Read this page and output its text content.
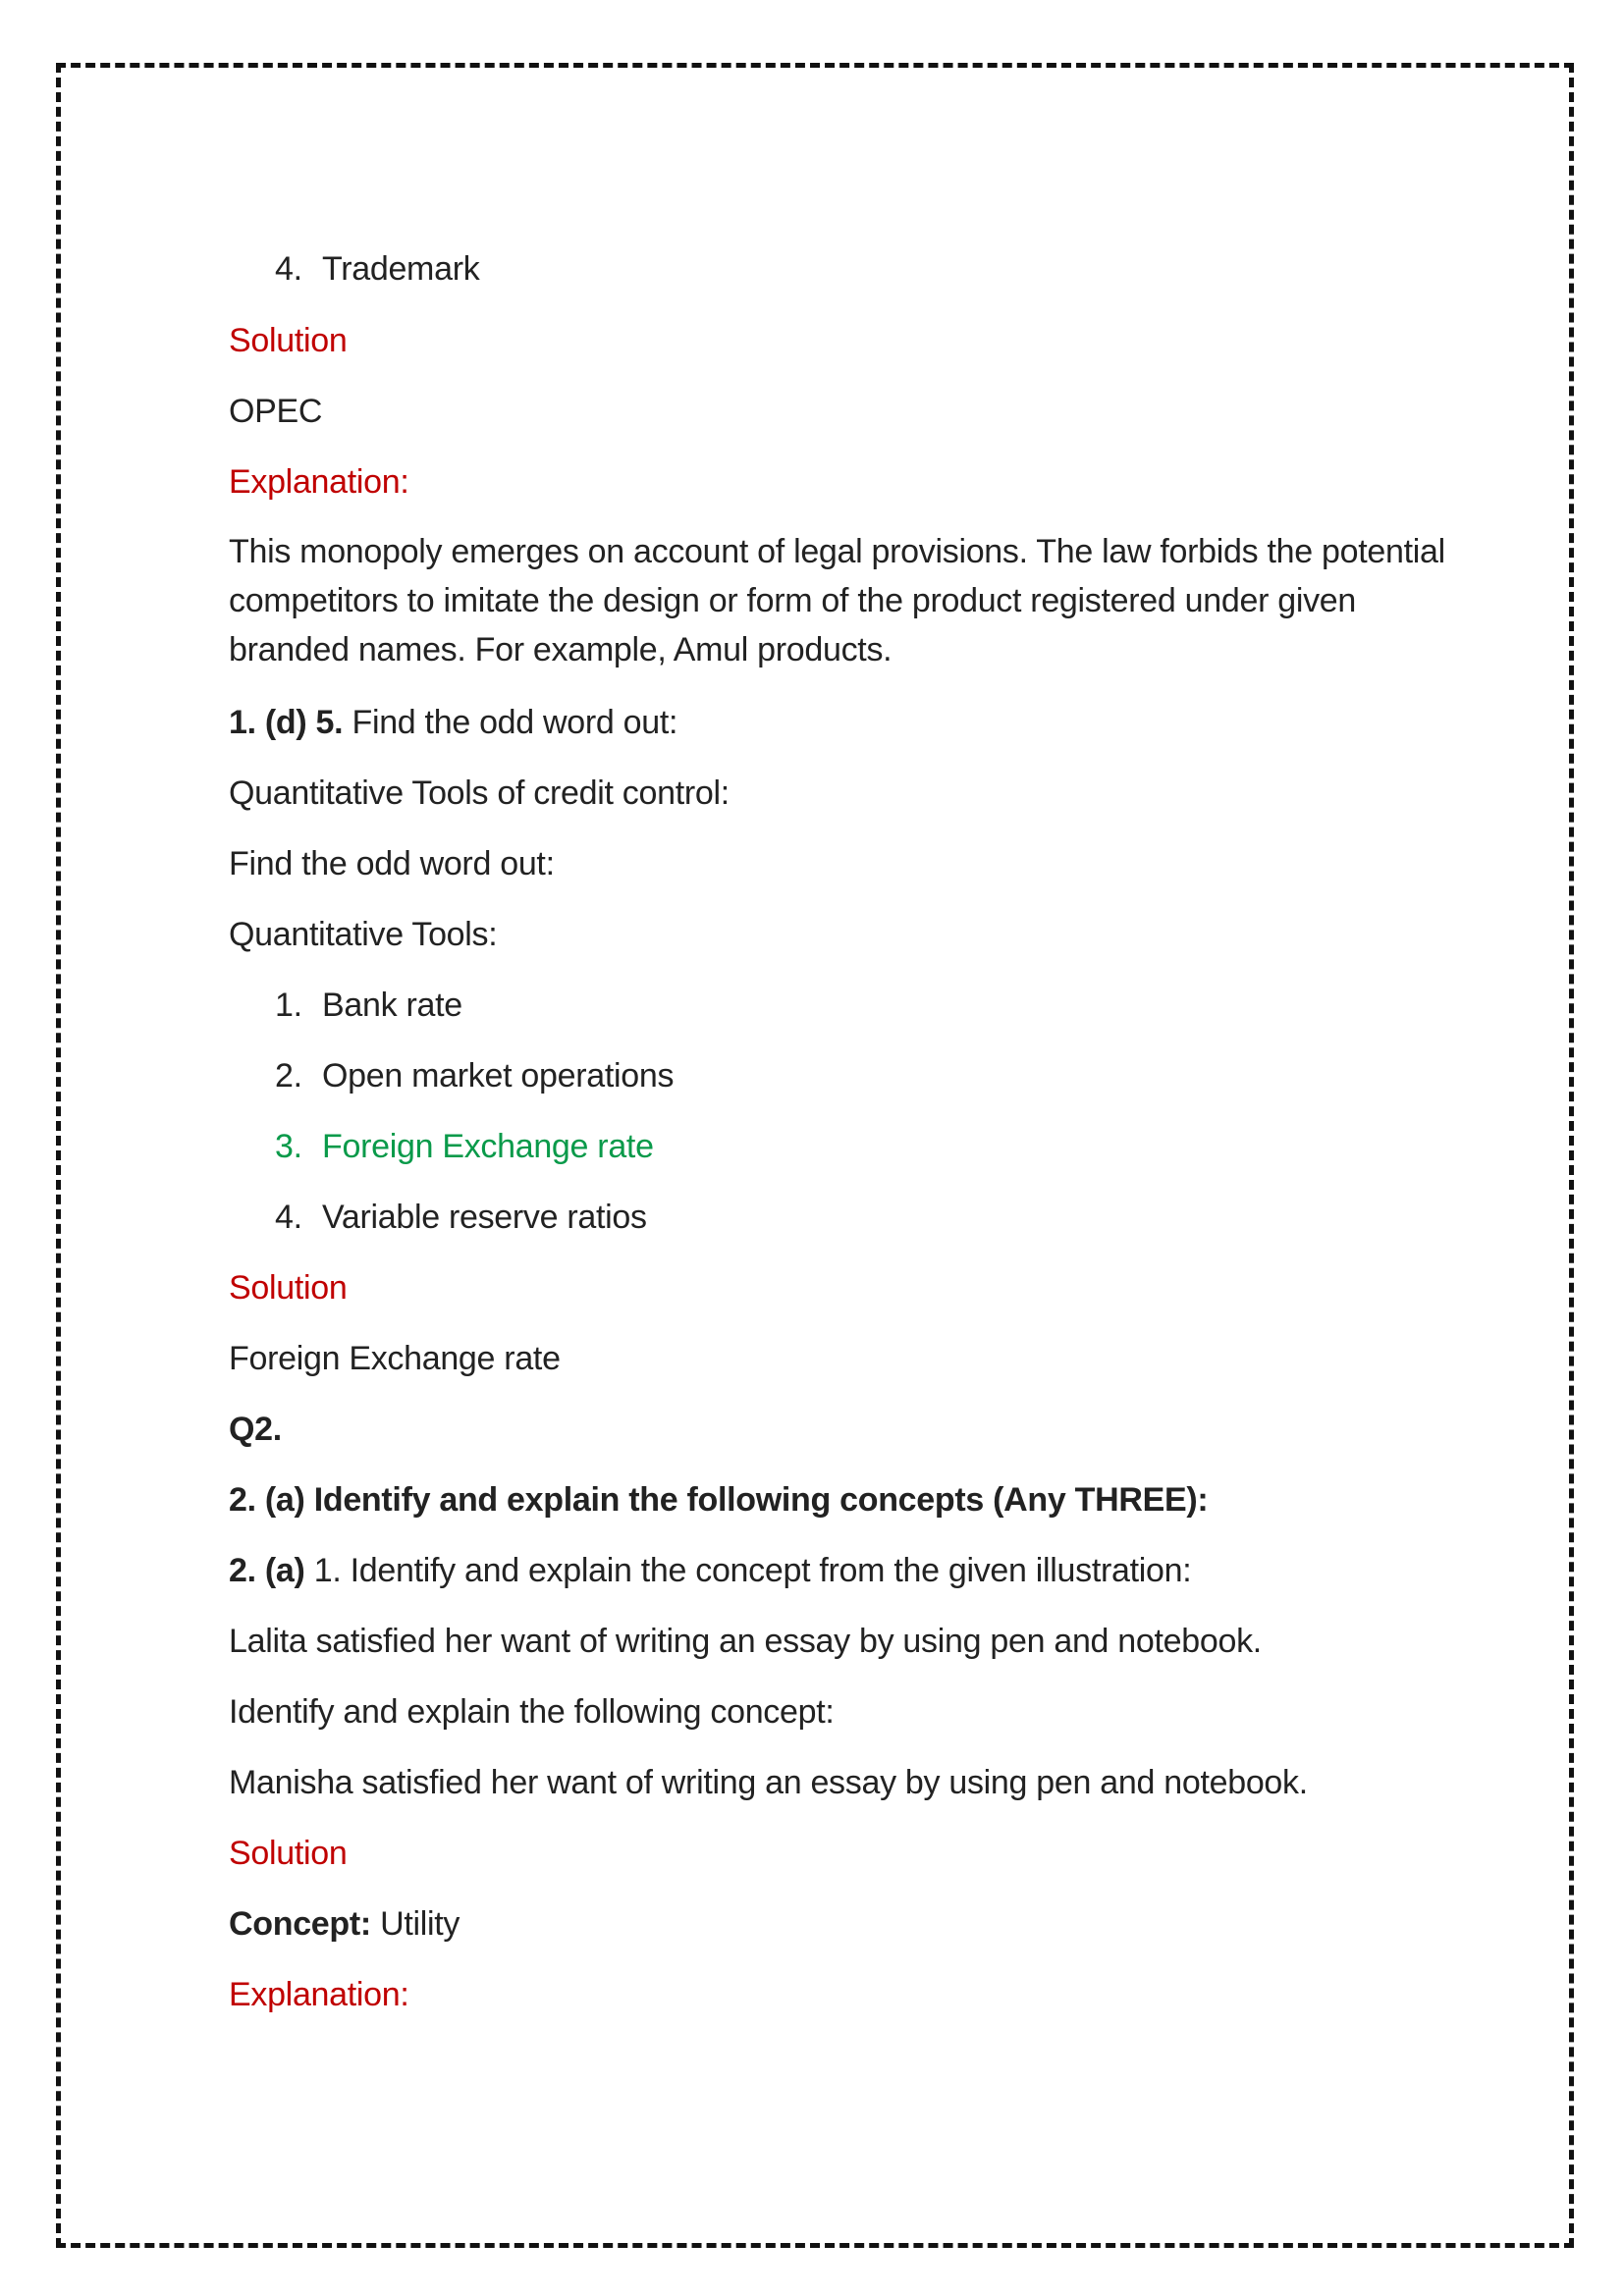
4. Trademark
Solution
OPEC
Explanation:
This monopoly emerges on account of legal provisions. The law forbids the potential
competitors to imitate the design or form of the product registered under given
branded names. For example, Amul products.
1. (d) 5. Find the odd word out:
Quantitative Tools of credit control:
Find the odd word out:
Quantitative Tools:
1. Bank rate
2. Open market operations
3. Foreign Exchange rate
4. Variable reserve ratios
Solution
Foreign Exchange rate
Q2.
2. (a) Identify and explain the following concepts (Any THREE):
2. (a) 1. Identify and explain the concept from the given illustration:
Lalita satisfied her want of writing an essay by using pen and notebook.
Identify and explain the following concept:
Manisha satisfied her want of writing an essay by using pen and notebook.
Solution
Concept: Utility
Explanation:
